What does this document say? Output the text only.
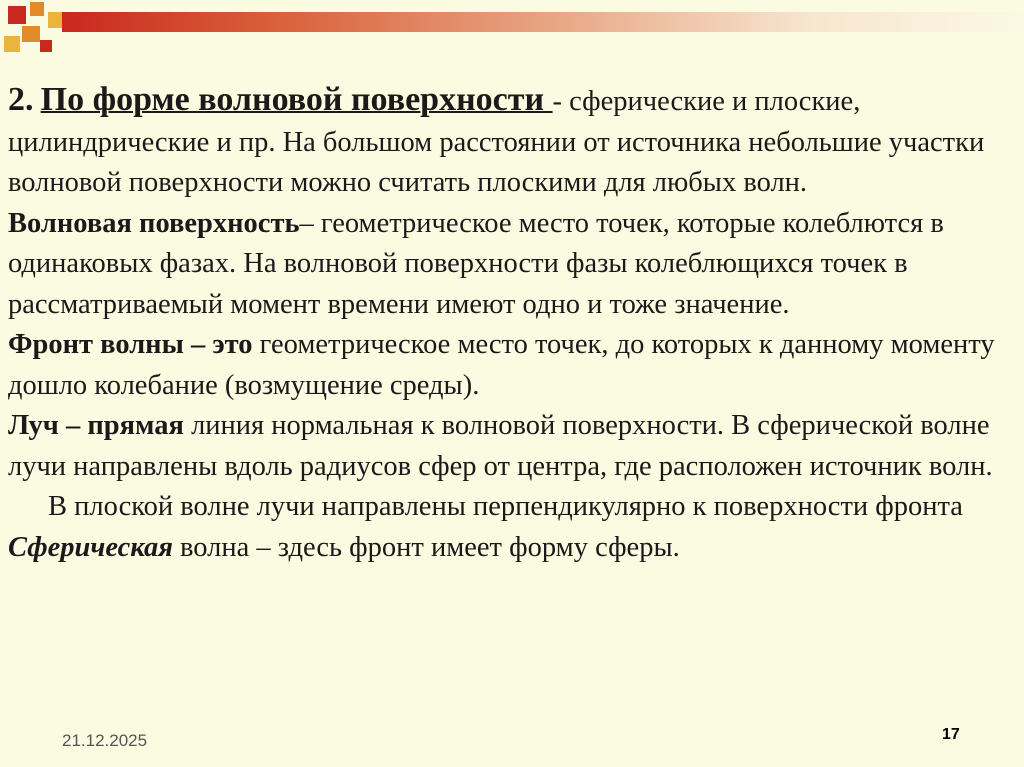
2. По форме волновой поверхности - сферические и плоские, цилиндрические и пр. На большом расстоянии от источника небольшие участки волновой поверхности можно считать плоскими для любых волн.

Волновая поверхность– геометрическое место точек, которые колеблются в одинаковых фазах. На волновой поверхности фазы колеблющихся точек в рассматриваемый момент времени имеют одно и тоже значение.

Фронт волны – это геометрическое место точек, до которых к данному моменту дошло колебание (возмущение среды).

Луч – прямая линия нормальная к волновой поверхности. В сферической волне лучи направлены вдоль радиусов сфер от центра, где расположен источник волн.

В плоской волне лучи направлены перпендикулярно к поверхности фронта

Сферическая волна – здесь фронт имеет форму сферы.

21.12.2025	17
